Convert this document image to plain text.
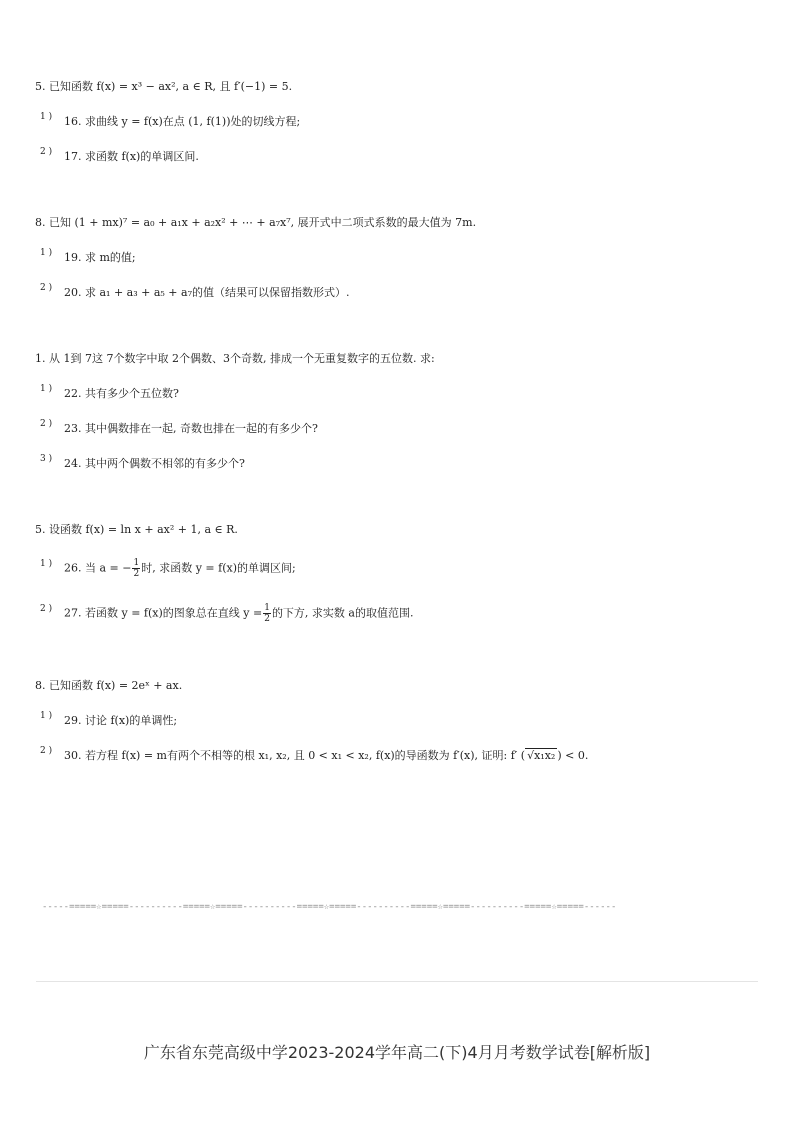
5. 已知函数 f(x) = x³ − ax², a ∈ R, 且 f′(−1) = 5.
1 ) 16. 求曲线 y = f(x)在点 (1, f(1))处的切线方程;
2 ) 17. 求函数 f(x)的单调区间.
8. 已知 (1 + mx)⁷ = a₀ + a₁x + a₂x² + ⋯ + a₇x⁷, 展开式中二项式系数的最大值为 7m.
1 ) 19. 求 m的值;
2 ) 20. 求 a₁ + a₃ + a₅ + a₇的值（结果可以保留指数形式）.
1. 从 1到 7这 7个数字中取 2个偶数、3个奇数, 排成一个无重复数字的五位数. 求:
1 ) 22. 共有多少个五位数?
2 ) 23. 其中偶数排在一起, 奇数也排在一起的有多少个?
3 ) 24. 其中两个偶数不相邻的有多少个?
5. 设函数 f(x) = ln x + ax² + 1, a ∈ R.
1 ) 26. 当 a = − $\frac{1}{2}$ 时, 求函数 y = f(x)的单调区间;
2 ) 27. 若函数 y = f(x)的图象总在直线 $y = \frac{1}{2}$ 的下方, 求实数 a的取值范围.
8. 已知函数 f(x) = 2eˣ + ax.
1 ) 29. 讨论 f(x)的单调性;
2 ) 30. 若方程 f(x) = m有两个不相等的根 x₁, x₂, 且 0 < x₁ < x₂, f(x)的导函数为 f′(x), 证明: f′ ( √x₁x₂ ) < 0.
-----=====☆=====----------=====☆=====----------=====☆=====----------=====☆=====----------=====☆=====------
广东省东莞高级中学2023-2024学年高二(下)4月月考数学试卷[解析版]
